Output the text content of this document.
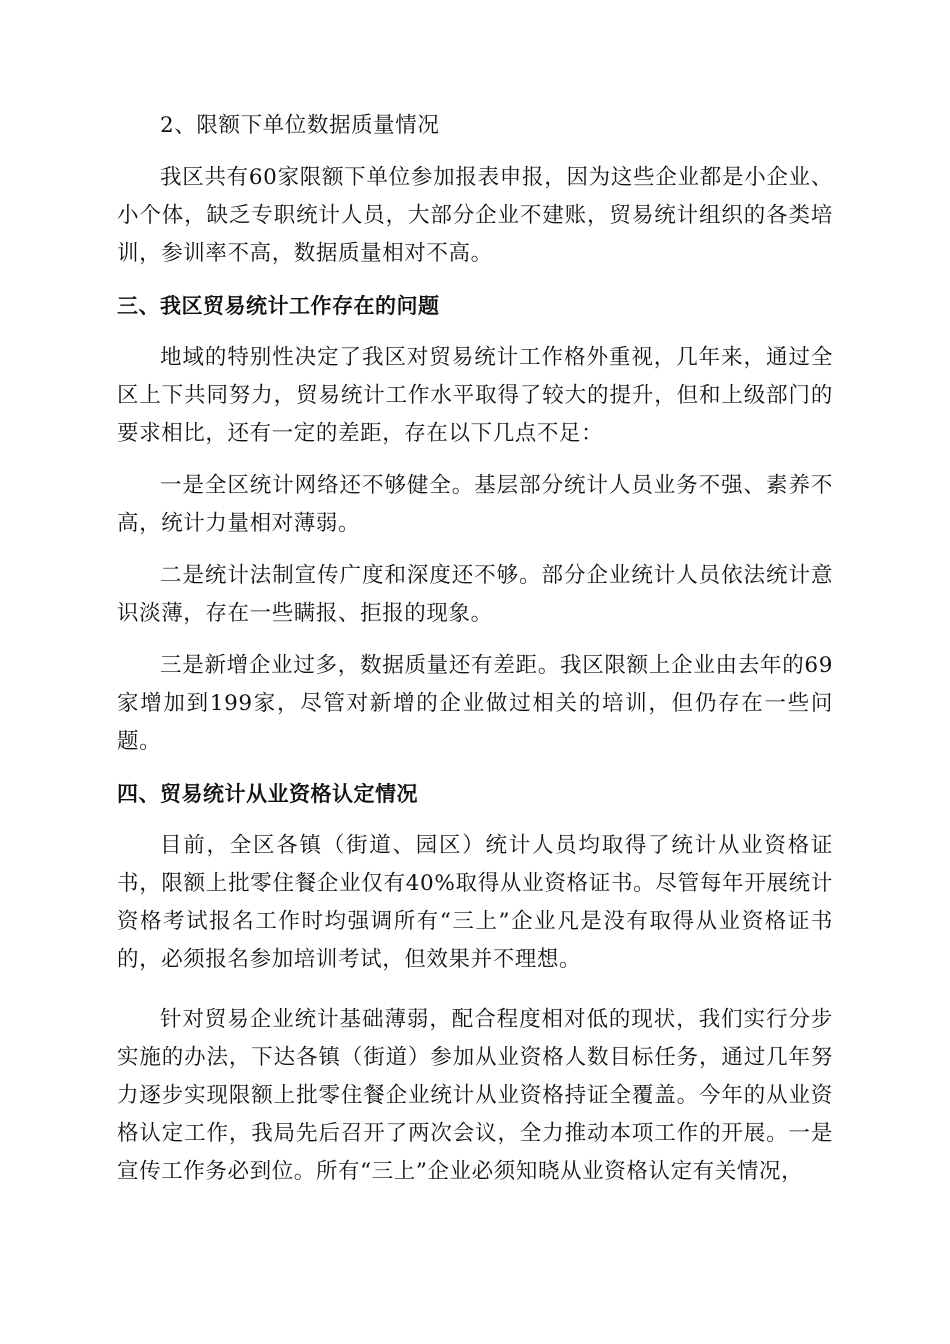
2、限额下单位数据质量情况

我区共有60家限额下单位参加报表申报，因为这些企业都是小企业、小个体，缺乏专职统计人员，大部分企业不建账，贸易统计组织的各类培训，参训率不高，数据质量相对不高。

三、我区贸易统计工作存在的问题

地域的特别性决定了我区对贸易统计工作格外重视，几年来，通过全区上下共同努力，贸易统计工作水平取得了较大的提升，但和上级部门的要求相比，还有一定的差距，存在以下几点不足：

一是全区统计网络还不够健全。基层部分统计人员业务不强、素养不高，统计力量相对薄弱。

二是统计法制宣传广度和深度还不够。部分企业统计人员依法统计意识淡薄，存在一些瞒报、拒报的现象。

三是新增企业过多，数据质量还有差距。我区限额上企业由去年的69家增加到199家，尽管对新增的企业做过相关的培训，但仍存在一些问题。

四、贸易统计从业资格认定情况

目前，全区各镇（街道、园区）统计人员均取得了统计从业资格证书，限额上批零住餐企业仅有40%取得从业资格证书。尽管每年开展统计资格考试报名工作时均强调所有“三上”企业凡是没有取得从业资格证书的，必须报名参加培训考试，但效果并不理想。

针对贸易企业统计基础薄弱，配合程度相对低的现状，我们实行分步实施的办法，下达各镇（街道）参加从业资格人数目标任务，通过几年努力逐步实现限额上批零住餐企业统计从业资格持证全覆盖。今年的从业资格认定工作，我局先后召开了两次会议，全力推动本项工作的开展。一是宣传工作务必到位。所有“三上”企业必须知晓从业资格认定有关情况，
